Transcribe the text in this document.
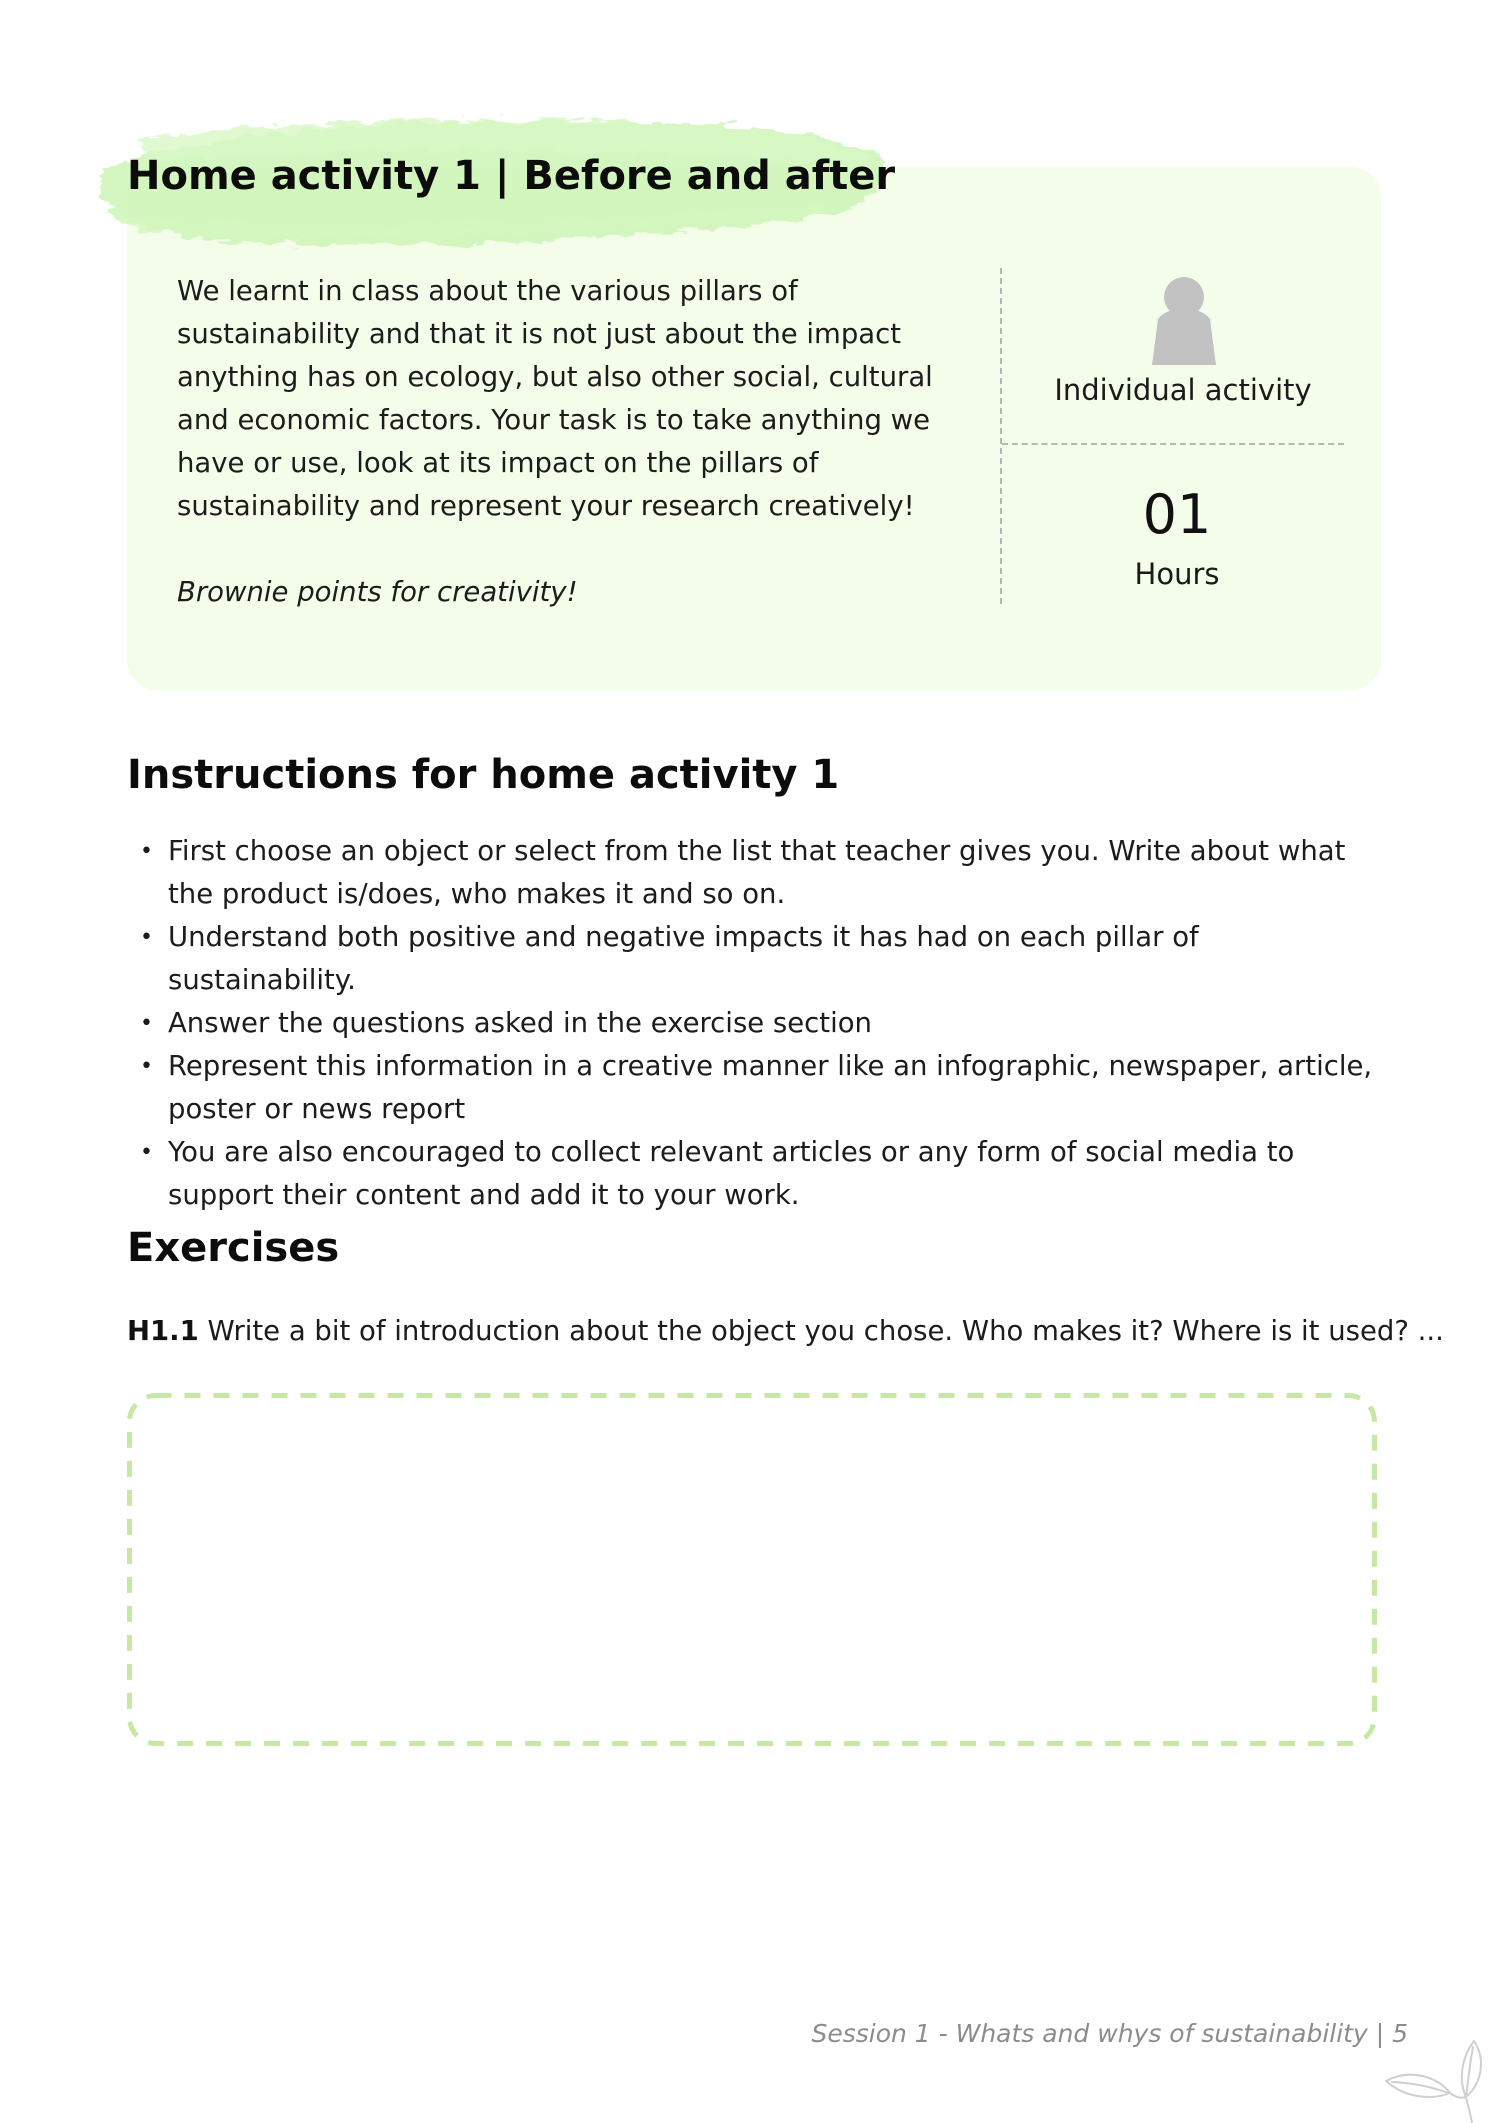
Home activity 1 | Before and after

We learnt in class about the various pillars of sustainability and that it is not just about the impact anything has on ecology, but also other social, cultural and economic factors. Your task is to take anything we have or use, look at its impact on the pillars of sustainability and represent your research creatively!

Brownie points for creativity!

Individual activity
01
Hours
Instructions for home activity 1
• First choose an object or select from the list that teacher gives you. Write about what the product is/does, who makes it and so on.
• Understand both positive and negative impacts it has had on each pillar of sustainability.
• Answer the questions asked in the exercise section
• Represent this information in a creative manner like an infographic, newspaper, article, poster or news report
• You are also encouraged to collect relevant articles or any form of social media to support their content and add it to your work.
Exercises
H1.1 Write a bit of introduction about the object you chose. Who makes it? Where is it used? ...
Session 1 - Whats and whys of sustainability | 5
